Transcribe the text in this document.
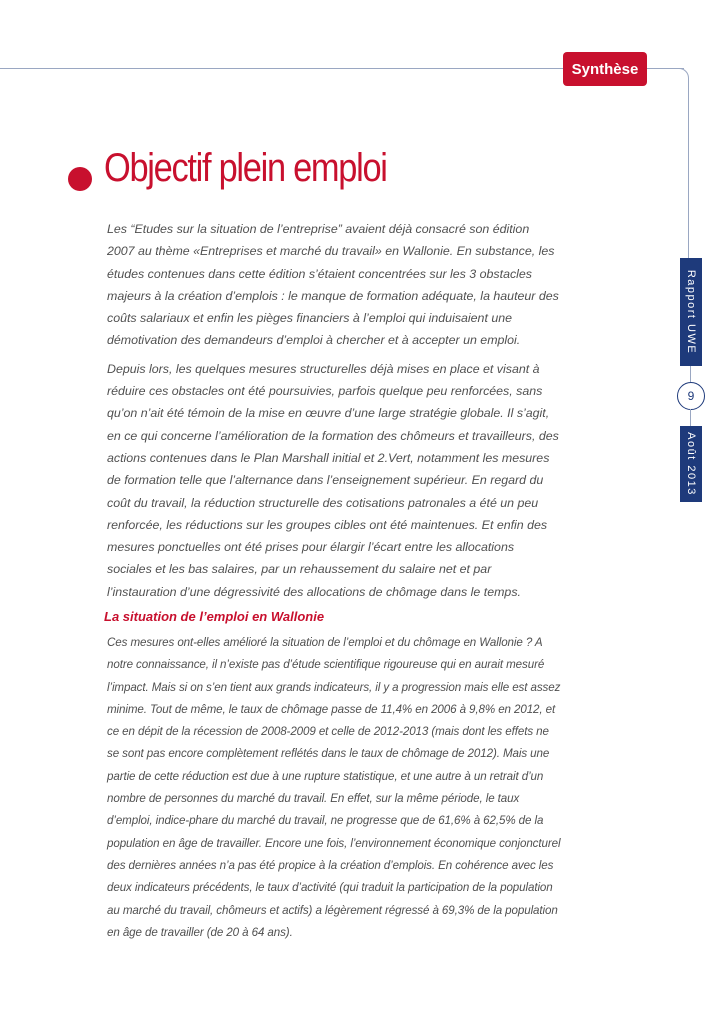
Synthèse
Rapport UWE
9
Août 2013
Objectif plein emploi

Les “Etudes sur la situation de l’entreprise” avaient déjà consacré son édition 2007 au thème «Entreprises et marché du travail» en Wallonie. En substance, les études contenues dans cette édition s’étaient concentrées sur les 3 obstacles majeurs à la création d’emplois : le manque de formation adéquate, la hauteur des coûts salariaux et enfin les pièges financiers à l’emploi qui induisaient une démotivation des demandeurs d’emploi à chercher et à accepter un emploi.

Depuis lors, les quelques mesures structurelles déjà mises en place et visant à réduire ces obstacles ont été poursuivies, parfois quelque peu renforcées, sans qu’on n’ait été témoin de la mise en œuvre d’une large stratégie globale. Il s’agit, en ce qui concerne l’amélioration de la formation des chômeurs et travailleurs, des actions contenues dans le Plan Marshall initial et 2.Vert, notamment les mesures de formation telle que l’alternance dans l’enseignement supérieur. En regard du coût du travail, la réduction structurelle des cotisations patronales a été un peu renforcée, les réductions sur les groupes cibles ont été maintenues. Et enfin des mesures ponctuelles ont été prises pour élargir l’écart entre les allocations sociales et les bas salaires, par un rehaussement du salaire net et par l’instauration d’une dégressivité des allocations de chômage dans le temps.

La situation de l’emploi en Wallonie

Ces mesures ont-elles amélioré la situation de l’emploi et du chômage en Wallonie ? A notre connaissance, il n’existe pas d’étude scientifique rigoureuse qui en aurait mesuré l’impact. Mais si on s’en tient aux grands indicateurs, il y a progression mais elle est assez minime. Tout de même, le taux de chômage passe de 11,4% en 2006 à 9,8% en 2012, et ce en dépit de la récession de 2008-2009 et celle de 2012-2013 (mais dont les effets ne se sont pas encore complètement reflétés dans le taux de chômage de 2012). Mais une partie de cette réduction est due à une rupture statistique, et une autre à un retrait d’un nombre de personnes du marché du travail. En effet, sur la même période, le taux d’emploi, indice-phare du marché du travail, ne progresse que de 61,6% à 62,5% de la population en âge de travailler. Encore une fois, l’environnement économique conjoncturel des dernières années n’a pas été propice à la création d’emplois. En cohérence avec les deux indicateurs précédents, le taux d’activité (qui traduit la participation de la population au marché du travail, chômeurs et actifs) a légèrement régressé à 69,3% de la population en âge de travailler (de 20 à 64 ans).
